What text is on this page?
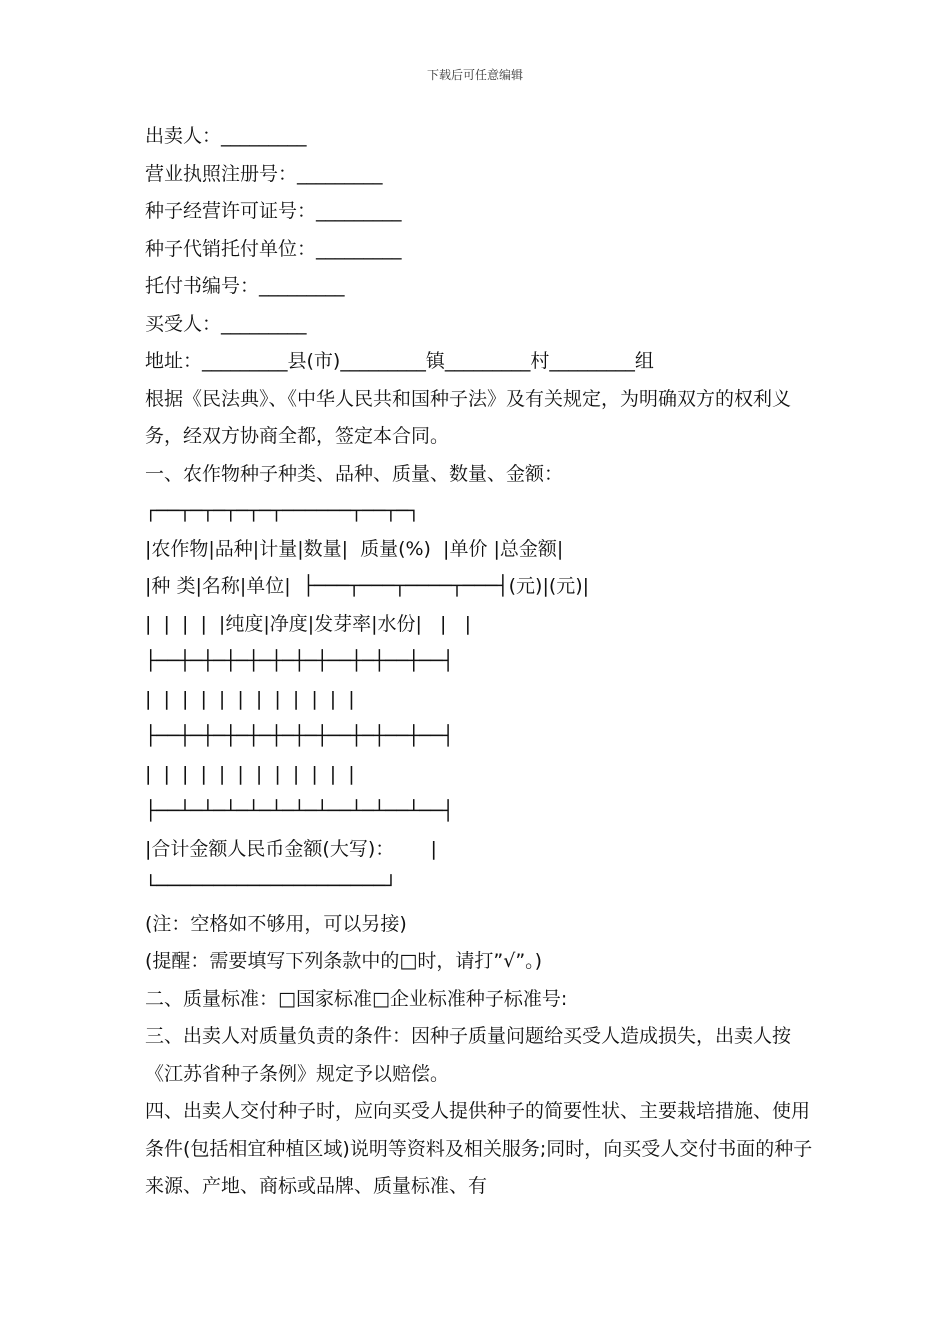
下载后可任意编辑
出卖人：_________
营业执照注册号：_________
种子经营许可证号：_________
种子代销托付单位：_________
托付书编号：_________
买受人：_________
地址：_________县(市)_________镇_________村_________组
根据《民法典》、《中华人民共和国种子法》及有关规定，为明确双方的权利义务，经双方协商全都，签定本合同。
一、农作物种子种类、品种、质量、数量、金额：
┌──┬─┬─┬─┬─┬──────┬──┬─┐
|农作物|品种|计量|数量|  质量(%)  |单价 |总金额|
|种 类|名称|单位|  ├───┬───┬────┬───┤(元)|(元)|
|  |  |  |  |纯度|净度|发芽率|水份|   |   |
├──┼─┼─┼─┼─┼─┼─┼──┼─┼──┼──┤
|  |  |  |  |  |  |  |  |  |  |  |
├──┼─┼─┼─┼─┼─┼─┼──┼─┼──┼──┤
|  |  |  |  |  |  |  |  |  |  |  |
├──┴─┴─┴─┴─┴─┴─┴──┴─┴──┴──┤
|合计金额人民币金额(大写)：      |
└────────────────────┘
(注：空格如不够用，可以另接)
(提醒：需要填写下列条款中的□时，请打”√”。)
二、质量标准：□国家标准□企业标准种子标准号:
三、出卖人对质量负责的条件：因种子质量问题给买受人造成损失，出卖人按《江苏省种子条例》规定予以赔偿。
四、出卖人交付种子时，应向买受人提供种子的简要性状、主要栽培措施、使用条件(包括相宜种植区域)说明等资料及相关服务;同时，向买受人交付书面的种子来源、产地、商标或品牌、质量标准、有
